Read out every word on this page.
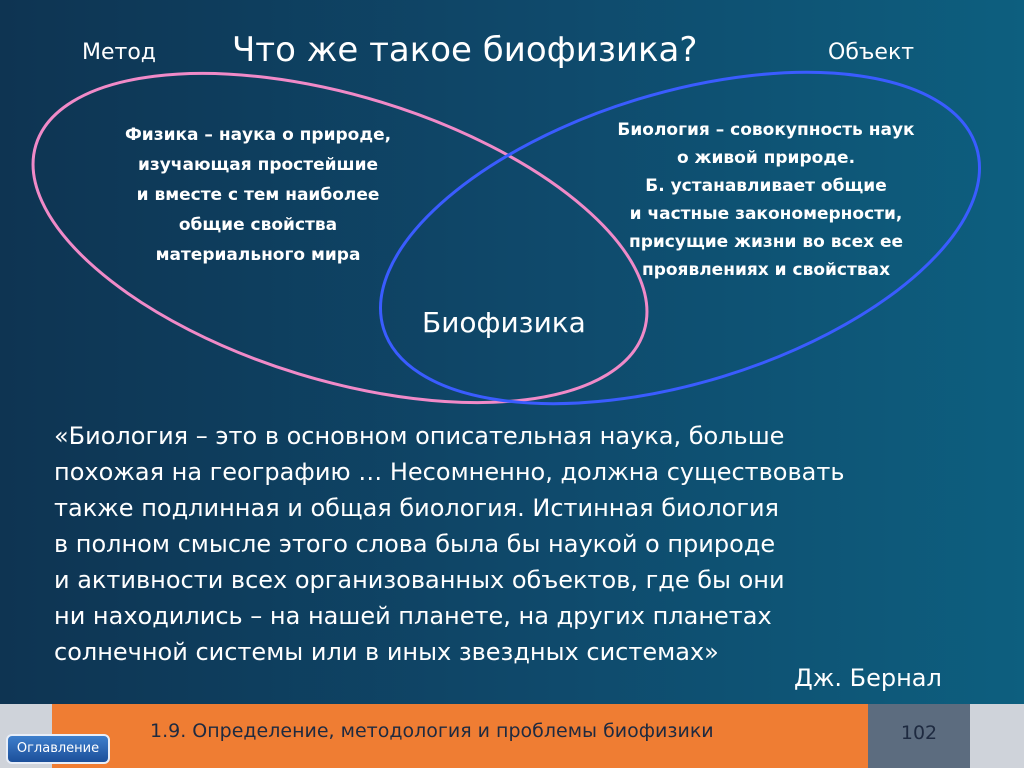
Метод Что же такое биофизика?	Объект
Физика – наука о природе,
изучающая простейшие
и вместе с тем наиболее
общие свойства
материального мира
Биология – совокупность наук
о живой природе.
Б. устанавливает общие
и частные закономерности,
присущие жизни во всех ее
проявлениях и свойствах
Биофизика
«Биология – это в основном описательная наука, больше
похожая на географию … Несомненно, должна существовать
также подлинная и общая биология. Истинная биология
в полном смысле этого слова была бы наукой о природе
и активности всех организованных объектов, где бы они
ни находились – на нашей планете, на других планетах
солнечной системы или в иных звездных системах»
Дж. Бернал
1.9. Определение, методология и проблемы биофизики	102
Оглавление
